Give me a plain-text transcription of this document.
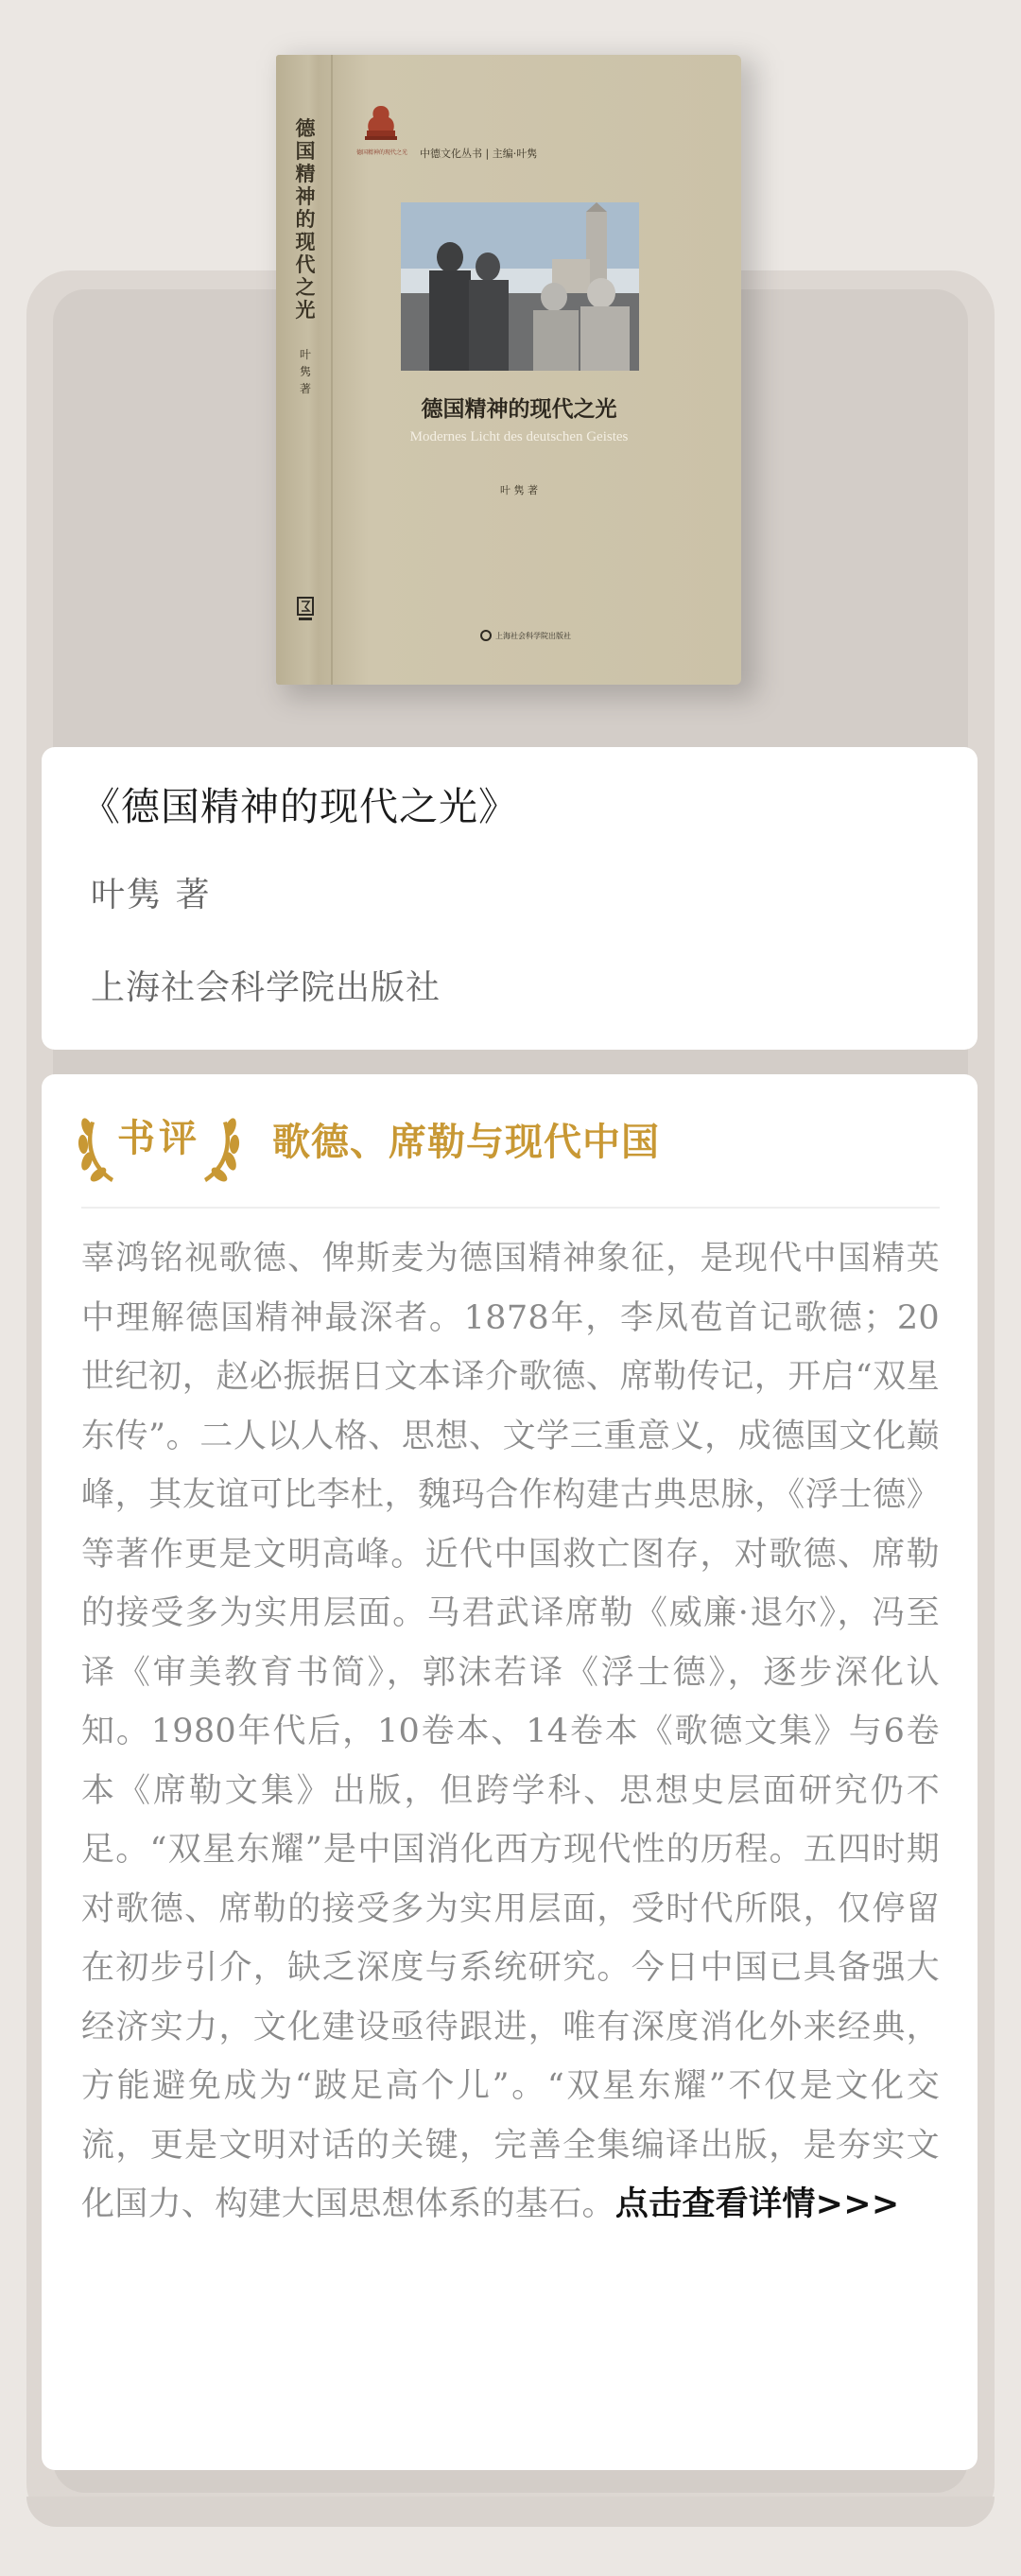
德
国
精
神
的
现
代
之
光

叶
隽
著

德国精神的现代之光	中德文化丛书 | 主编·叶隽
德国精神的现代之光
Modernes Licht des deutschen Geistes
叶 隽 著
上海社会科学院出版社
《德国精神的现代之光》
叶隽 著
上海社会科学院出版社
书评	歌德、席勒与现代中国
辜鸿铭视歌德、俾斯麦为德国精神象征，是现代中国精英中理解德国精神最深者。1878年，李凤苞首记歌德；20世纪初，赵必振据日文本译介歌德、席勒传记，开启“双星东传”。二人以人格、思想、文学三重意义，成德国文化巅峰，其友谊可比李杜，魏玛合作构建古典思脉，《浮士德》等著作更是文明高峰。近代中国救亡图存，对歌德、席勒的接受多为实用层面。马君武译席勒《威廉·退尔》，冯至译《审美教育书简》，郭沫若译《浮士德》，逐步深化认知。1980年代后，10卷本、14卷本《歌德文集》与6卷本《席勒文集》出版，但跨学科、思想史层面研究仍不足。“双星东耀”是中国消化西方现代性的历程。五四时期对歌德、席勒的接受多为实用层面，受时代所限，仅停留在初步引介，缺乏深度与系统研究。今日中国已具备强大经济实力，文化建设亟待跟进，唯有深度消化外来经典，方能避免成为“跛足高个儿”。“双星东耀”不仅是文化交流，更是文明对话的关键，完善全集编译出版，是夯实文化国力、构建大国思想体系的基石。点击查看详情>>>
